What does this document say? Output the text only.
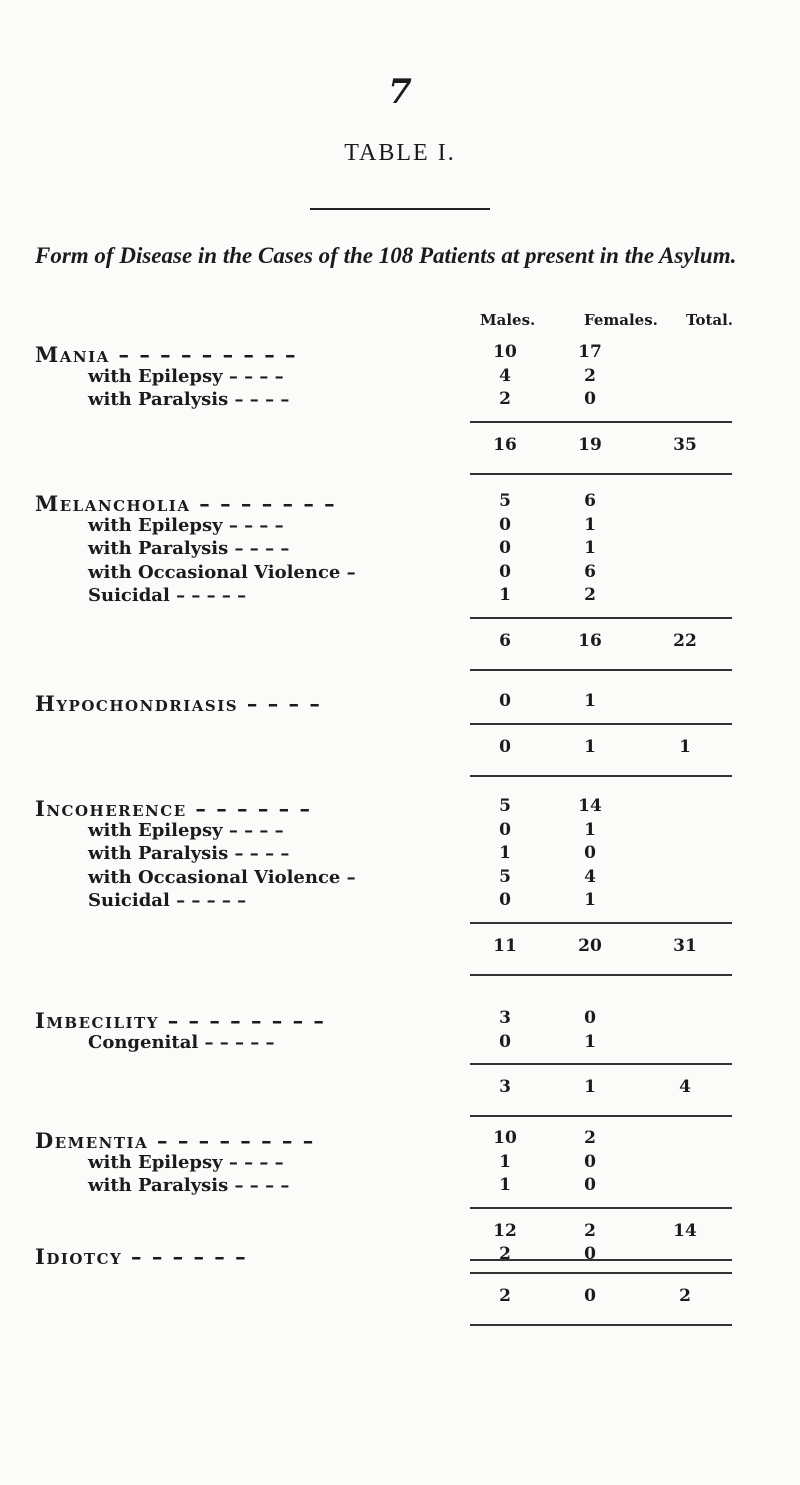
7
TABLE I.
Form of Disease in the Cases of the 108 Patients at present in the Asylum.
Males.	Females. Total.
Mania – – – – – – – – –	10	17
with Epilepsy – – – –	4	2
with Paralysis – – – –	2	0
16	19	35
Melancholia – – – – – – –	5	6
with Epilepsy – – – –	0	1
with Paralysis – – – –	0	1
with Occasional Violence –	0	6
Suicidal – – – – –	1	2
6	16	22
Hypochondriasis – – – –	0	1
0	1	1
Incoherence – – – – – –	5	14
with Epilepsy – – – –	0	1
with Paralysis – – – –	1	0
with Occasional Violence –	5	4
Suicidal – – – – –	0	1
11	20	31
Imbecility – – – – – – – –	3	0
Congenital – – – – –	0	1
3	1	4
Dementia – – – – – – – –	10	2
with Epilepsy – – – –	1	0
with Paralysis – – – –	1	0
12	2	14
Idiotcy – – – – – –	2	0
2	0	2
